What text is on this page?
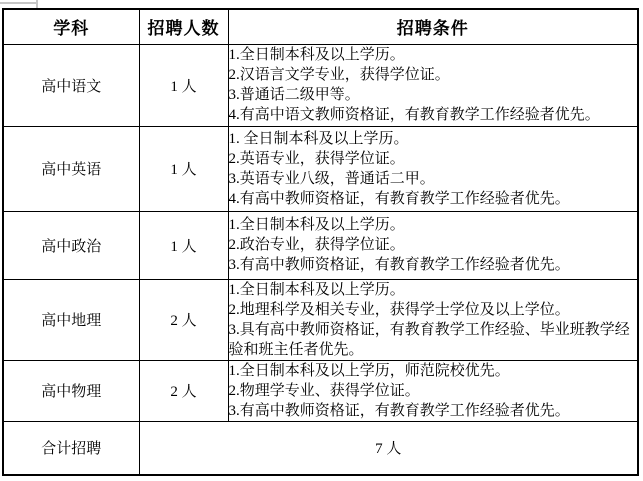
学科	招聘人数	招聘条件
高中语文	1 人	1.全日制本科及以上学历。
2.汉语言文学专业，获得学位证。
3.普通话二级甲等。
4.有高中语文教师资格证，有教育教学工作经验者优先。

高中英语	1 人	1. 全日制本科及以上学历。
2.英语专业，获得学位证。
3.英语专业八级，普通话二甲。
4.有高中教师资格证，有教育教学工作经验者优先。

高中政治	1 人	1.全日制本科及以上学历。
2.政治专业，获得学位证。
3.有高中教师资格证，有教育教学工作经验者优先。

高中地理	2 人	1.全日制本科及以上学历。
2.地理科学及相关专业，获得学士学位及以上学位。
3.具有高中教师资格证，有教育教学工作经验、毕业班教学经验和班主任者优先。

高中物理	2 人	1.全日制本科及以上学历，师范院校优先。
2.物理学专业、获得学位证。
3.有高中教师资格证，有教育教学工作经验者优先。

合计招聘	7 人	
